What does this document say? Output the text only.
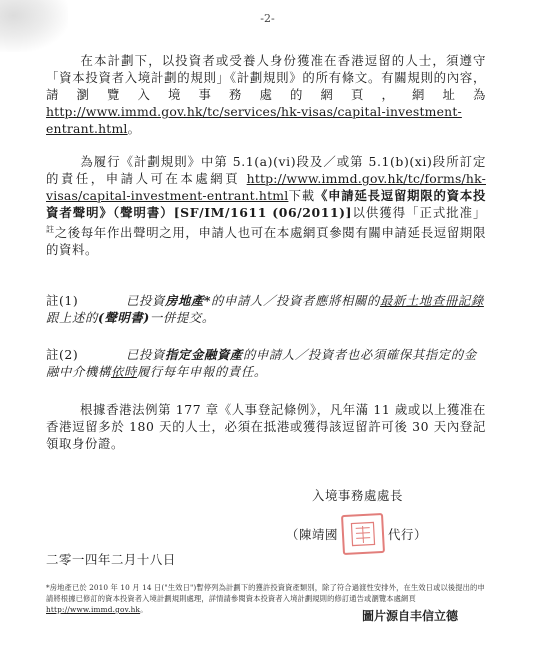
-2-

在本計劃下，以投資者或受養人身份獲准在香港逗留的人士，須遵守「資本投資者入境計劃的規則」《計劃規則》的所有條文。有關規則的內容，請瀏覽入境事務處的網頁，網址為 http://www.immd.gov.hk/tc/services/hk-visas/capital-investment-entrant.html。

為履行《計劃規則》中第 5.1(a)(vi)段及／或第 5.1(b)(xi)段所訂定的責任，申請人可在本處網頁 http://www.immd.gov.hk/tc/forms/hk-visas/capital-investment-entrant.html下載《申請延長逗留期限的資本投資者聲明》（聲明書）[SF/IM/1611 (06/2011)]以供獲得「正式批准」$^註$之後每年作出聲明之用，申請人也可在本處網頁參閱有關申請延長逗留期限的資料。

註(1)	已投資房地產*的申請人／投資者應將相關的最新土地查冊記錄跟上述的(聲明書)一併提交。

註(2)	已投資指定金融資產的申請人／投資者也必須確保其指定的金融中介機構依時履行每年申報的責任。

根據香港法例第 177 章《人事登記條例》，凡年滿 11 歲或以上獲准在香港逗留多於 180 天的人士，必須在抵港或獲得該逗留許可後 30 天內登記領取身份證。

入境事務處處長
（陳靖國	代行）
二零一四年二月十八日

*房地產已於 2010 年 10 月 14 日("生效日")暫停列為計劃下的獲許投資資產類別，除了符合過渡性安排外，在生效日或以後提出的申請將根據已修訂的資本投資者入境計劃規則處理，詳情請參閱資本投資者入境計劃規則的修訂通告或瀏覽本處網頁 http://www.immd.gov.hk。	圖片源自丰信立德
